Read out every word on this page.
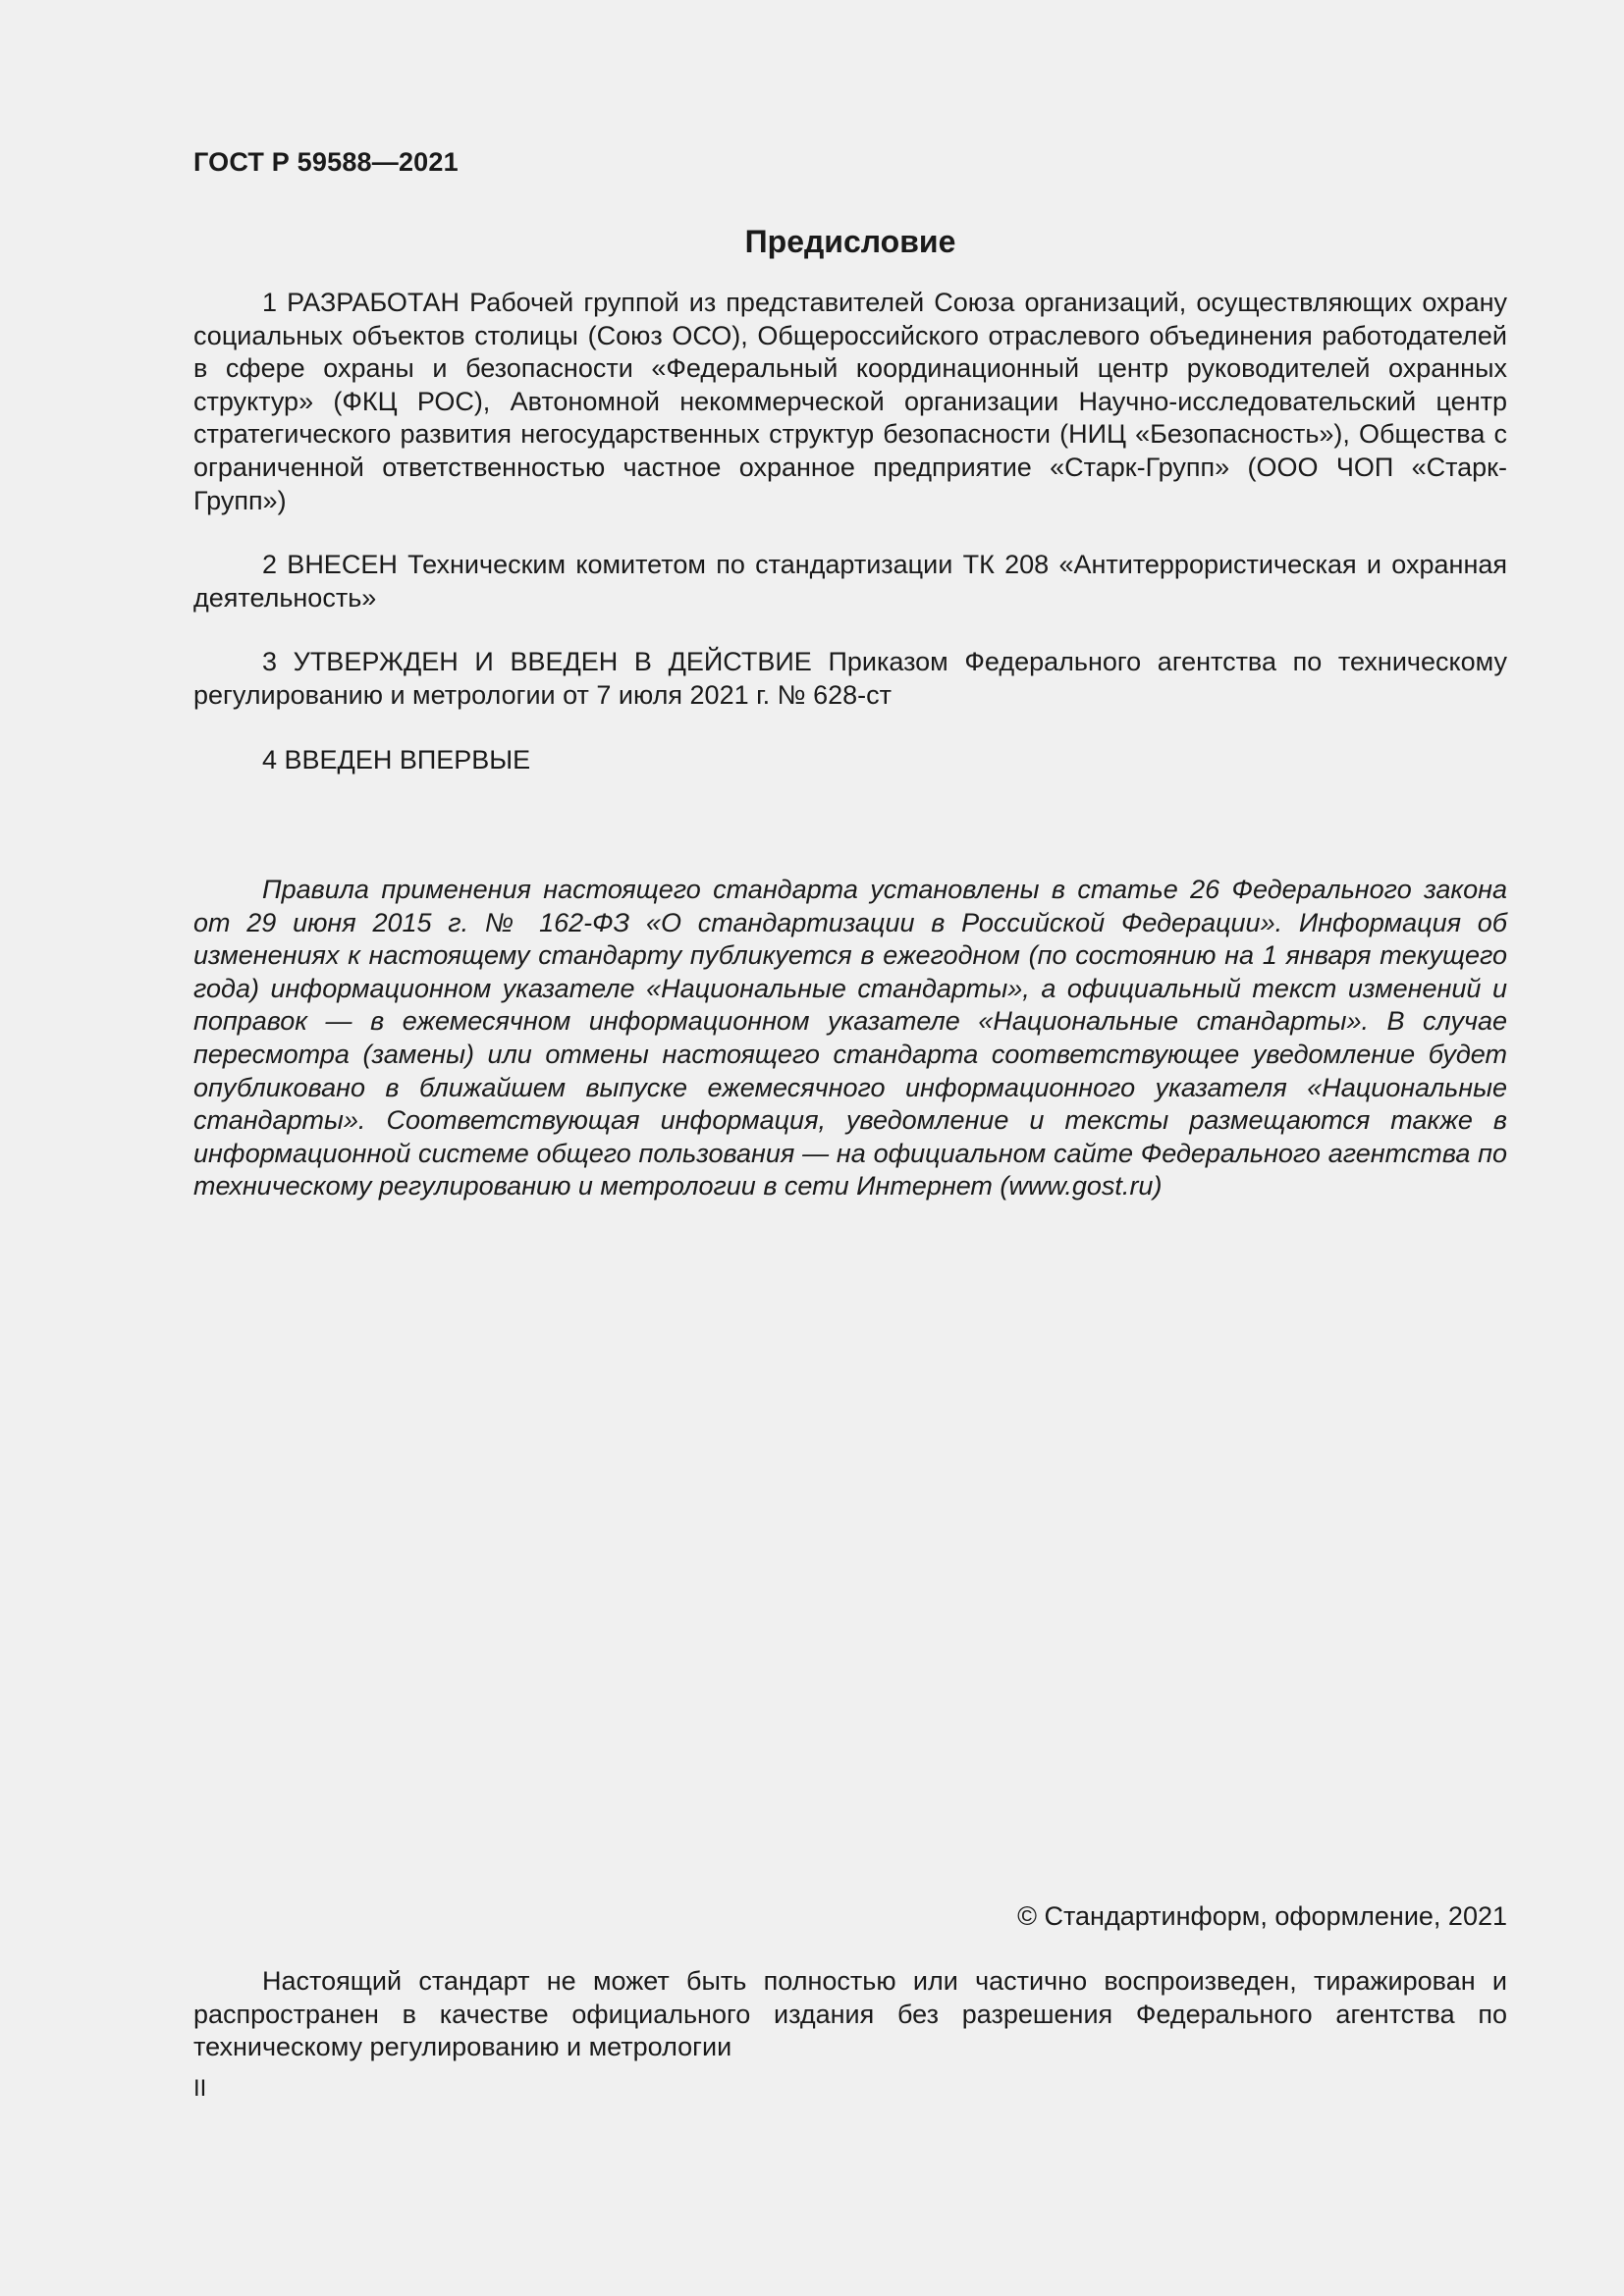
ГОСТ Р 59588—2021
Предисловие

1 РАЗРАБОТАН Рабочей группой из представителей Союза организаций, осуществляющих охрану социальных объектов столицы (Союз ОСО), Общероссийского отраслевого объединения работодателей в сфере охраны и безопасности «Федеральный координационный центр руководителей охранных структур» (ФКЦ РОС), Автономной некоммерческой организации Научно-исследовательский центр стратегического развития негосударственных структур безопасности (НИЦ «Безопасность»), Общества с ограниченной ответственностью частное охранное предприятие «Старк-Групп» (ООО ЧОП «Старк-Групп»)

2 ВНЕСЕН Техническим комитетом по стандартизации ТК 208 «Антитеррористическая и охранная деятельность»

3 УТВЕРЖДЕН И ВВЕДЕН В ДЕЙСТВИЕ Приказом Федерального агентства по техническому регулированию и метрологии от 7 июля 2021 г. № 628-ст

4 ВВЕДЕН ВПЕРВЫЕ

Правила применения настоящего стандарта установлены в статье 26 Федерального закона от 29 июня 2015 г. № 162-ФЗ «О стандартизации в Российской Федерации». Информация об изменениях к настоящему стандарту публикуется в ежегодном (по состоянию на 1 января текущего года) информационном указателе «Национальные стандарты», а официальный текст изменений и поправок — в ежемесячном информационном указателе «Национальные стандарты». В случае пересмотра (замены) или отмены настоящего стандарта соответствующее уведомление будет опубликовано в ближайшем выпуске ежемесячного информационного указателя «Национальные стандарты». Соответствующая информация, уведомление и тексты размещаются также в информационной системе общего пользования — на официальном сайте Федерального агентства по техническому регулированию и метрологии в сети Интернет (www.gost.ru)

© Стандартинформ, оформление, 2021

Настоящий стандарт не может быть полностью или частично воспроизведен, тиражирован и распространен в качестве официального издания без разрешения Федерального агентства по техническому регулированию и метрологии

II
